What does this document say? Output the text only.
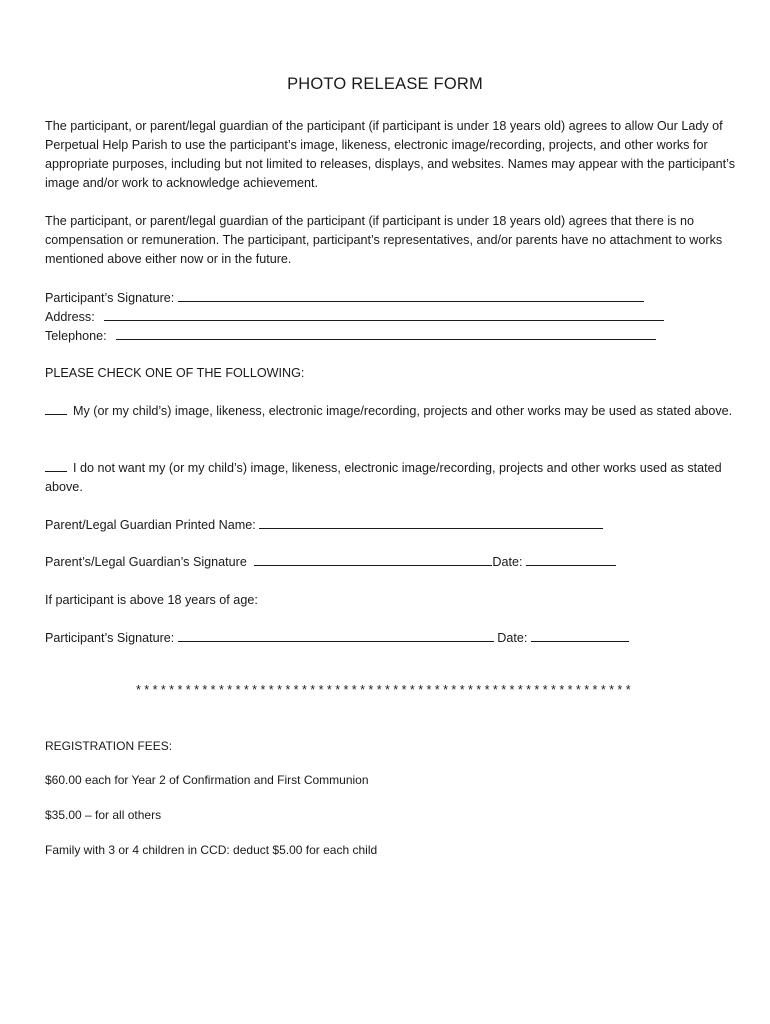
PHOTO RELEASE FORM
The participant, or parent/legal guardian of the participant (if participant is under 18 years old) agrees to allow Our Lady of Perpetual Help Parish to use the participant’s image, likeness, electronic image/recording, projects, and other works for appropriate purposes, including but not limited to releases, displays, and websites. Names may appear with the participant’s image and/or work to acknowledge achievement.
The participant, or parent/legal guardian of the participant (if participant is under 18 years old) agrees that there is no compensation or remuneration. The participant, participant’s representatives, and/or parents have no attachment to works mentioned above either now or in the future.
Participant’s Signature:
Address:
Telephone:
PLEASE CHECK ONE OF THE FOLLOWING:
My (or my child’s) image, likeness, electronic image/recording, projects and other works may be used as stated above.
I do not want my (or my child’s) image, likeness, electronic image/recording, projects and other works used as stated above.
Parent/Legal Guardian Printed Name:
Parent’s/Legal Guardian’s Signature	Date:
If participant is above 18 years of age:
Participant’s Signature:	Date:
************************************************************
REGISTRATION FEES:
$60.00 each for Year 2 of Confirmation and First Communion
$35.00 – for all others
Family with 3 or 4 children in CCD: deduct $5.00 for each child
